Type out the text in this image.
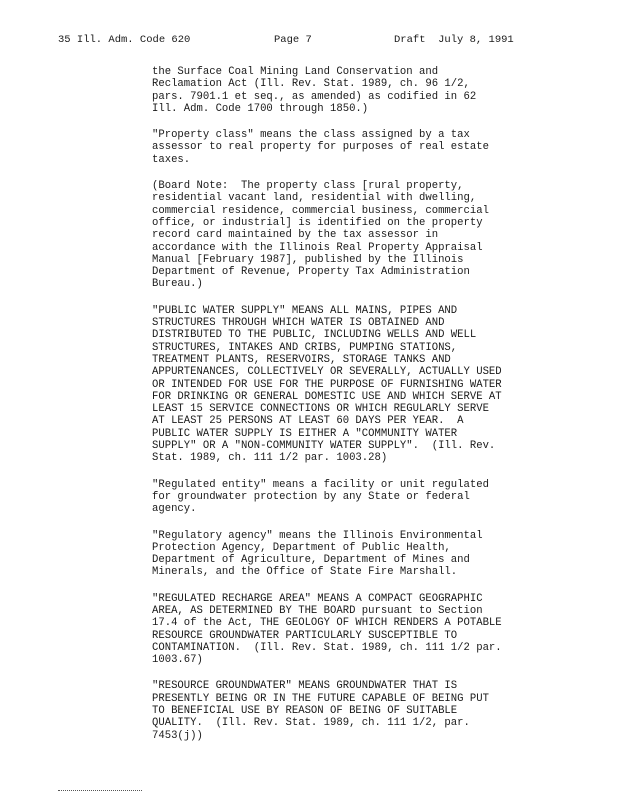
35 Ill. Adm. Code 620	Page 7	Draft  July 8, 1991
the Surface Coal Mining Land Conservation and
Reclamation Act (Ill. Rev. Stat. 1989, ch. 96 1/2,
pars. 7901.1 et seq., as amended) as codified in 62
Ill. Adm. Code 1700 through 1850.)
"Property class" means the class assigned by a tax
assessor to real property for purposes of real estate
taxes.
(Board Note:  The property class [rural property,
residential vacant land, residential with dwelling,
commercial residence, commercial business, commercial
office, or industrial] is identified on the property
record card maintained by the tax assessor in
accordance with the Illinois Real Property Appraisal
Manual [February 1987], published by the Illinois
Department of Revenue, Property Tax Administration
Bureau.)
"PUBLIC WATER SUPPLY" MEANS ALL MAINS, PIPES AND
STRUCTURES THROUGH WHICH WATER IS OBTAINED AND
DISTRIBUTED TO THE PUBLIC, INCLUDING WELLS AND WELL
STRUCTURES, INTAKES AND CRIBS, PUMPING STATIONS,
TREATMENT PLANTS, RESERVOIRS, STORAGE TANKS AND
APPURTENANCES, COLLECTIVELY OR SEVERALLY, ACTUALLY USED
OR INTENDED FOR USE FOR THE PURPOSE OF FURNISHING WATER
FOR DRINKING OR GENERAL DOMESTIC USE AND WHICH SERVE AT
LEAST 15 SERVICE CONNECTIONS OR WHICH REGULARLY SERVE
AT LEAST 25 PERSONS AT LEAST 60 DAYS PER YEAR.  A
PUBLIC WATER SUPPLY IS EITHER A "COMMUNITY WATER
SUPPLY" OR A "NON-COMMUNITY WATER SUPPLY".  (Ill. Rev.
Stat. 1989, ch. 111 1/2 par. 1003.28)
"Regulated entity" means a facility or unit regulated
for groundwater protection by any State or federal
agency.
"Regulatory agency" means the Illinois Environmental
Protection Agency, Department of Public Health,
Department of Agriculture, Department of Mines and
Minerals, and the Office of State Fire Marshall.
"REGULATED RECHARGE AREA" MEANS A COMPACT GEOGRAPHIC
AREA, AS DETERMINED BY THE BOARD pursuant to Section
17.4 of the Act, THE GEOLOGY OF WHICH RENDERS A POTABLE
RESOURCE GROUNDWATER PARTICULARLY SUSCEPTIBLE TO
CONTAMINATION.  (Ill. Rev. Stat. 1989, ch. 111 1/2 par.
1003.67)
"RESOURCE GROUNDWATER" MEANS GROUNDWATER THAT IS
PRESENTLY BEING OR IN THE FUTURE CAPABLE OF BEING PUT
TO BENEFICIAL USE BY REASON OF BEING OF SUITABLE
QUALITY.  (Ill. Rev. Stat. 1989, ch. 111 1/2, par.
7453(j))
